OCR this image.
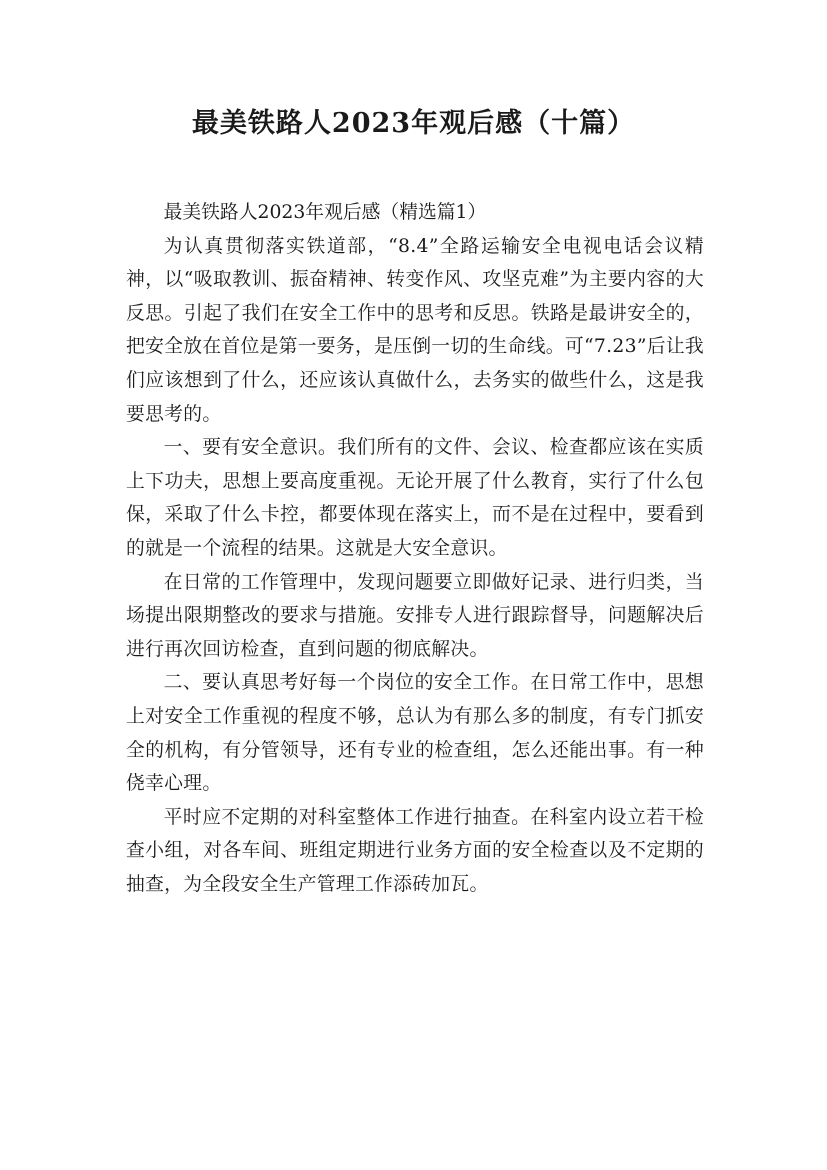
最美铁路人2023年观后感（十篇）

最美铁路人2023年观后感（精选篇1）

为认真贯彻落实铁道部，“8.4”全路运输安全电视电话会议精神，以“吸取教训、振奋精神、转变作风、攻坚克难”为主要内容的大反思。引起了我们在安全工作中的思考和反思。铁路是最讲安全的，把安全放在首位是第一要务，是压倒一切的生命线。可“7.23”后让我们应该想到了什么，还应该认真做什么，去务实的做些什么，这是我要思考的。

一、要有安全意识。我们所有的文件、会议、检查都应该在实质上下功夫，思想上要高度重视。无论开展了什么教育，实行了什么包保，采取了什么卡控，都要体现在落实上，而不是在过程中，要看到的就是一个流程的结果。这就是大安全意识。

在日常的工作管理中，发现问题要立即做好记录、进行归类，当场提出限期整改的要求与措施。安排专人进行跟踪督导，问题解决后进行再次回访检查，直到问题的彻底解决。

二、要认真思考好每一个岗位的安全工作。在日常工作中，思想上对安全工作重视的程度不够，总认为有那么多的制度，有专门抓安全的机构，有分管领导，还有专业的检查组，怎么还能出事。有一种侥幸心理。

平时应不定期的对科室整体工作进行抽查。在科室内设立若干检查小组，对各车间、班组定期进行业务方面的安全检查以及不定期的抽查，为全段安全生产管理工作添砖加瓦。
